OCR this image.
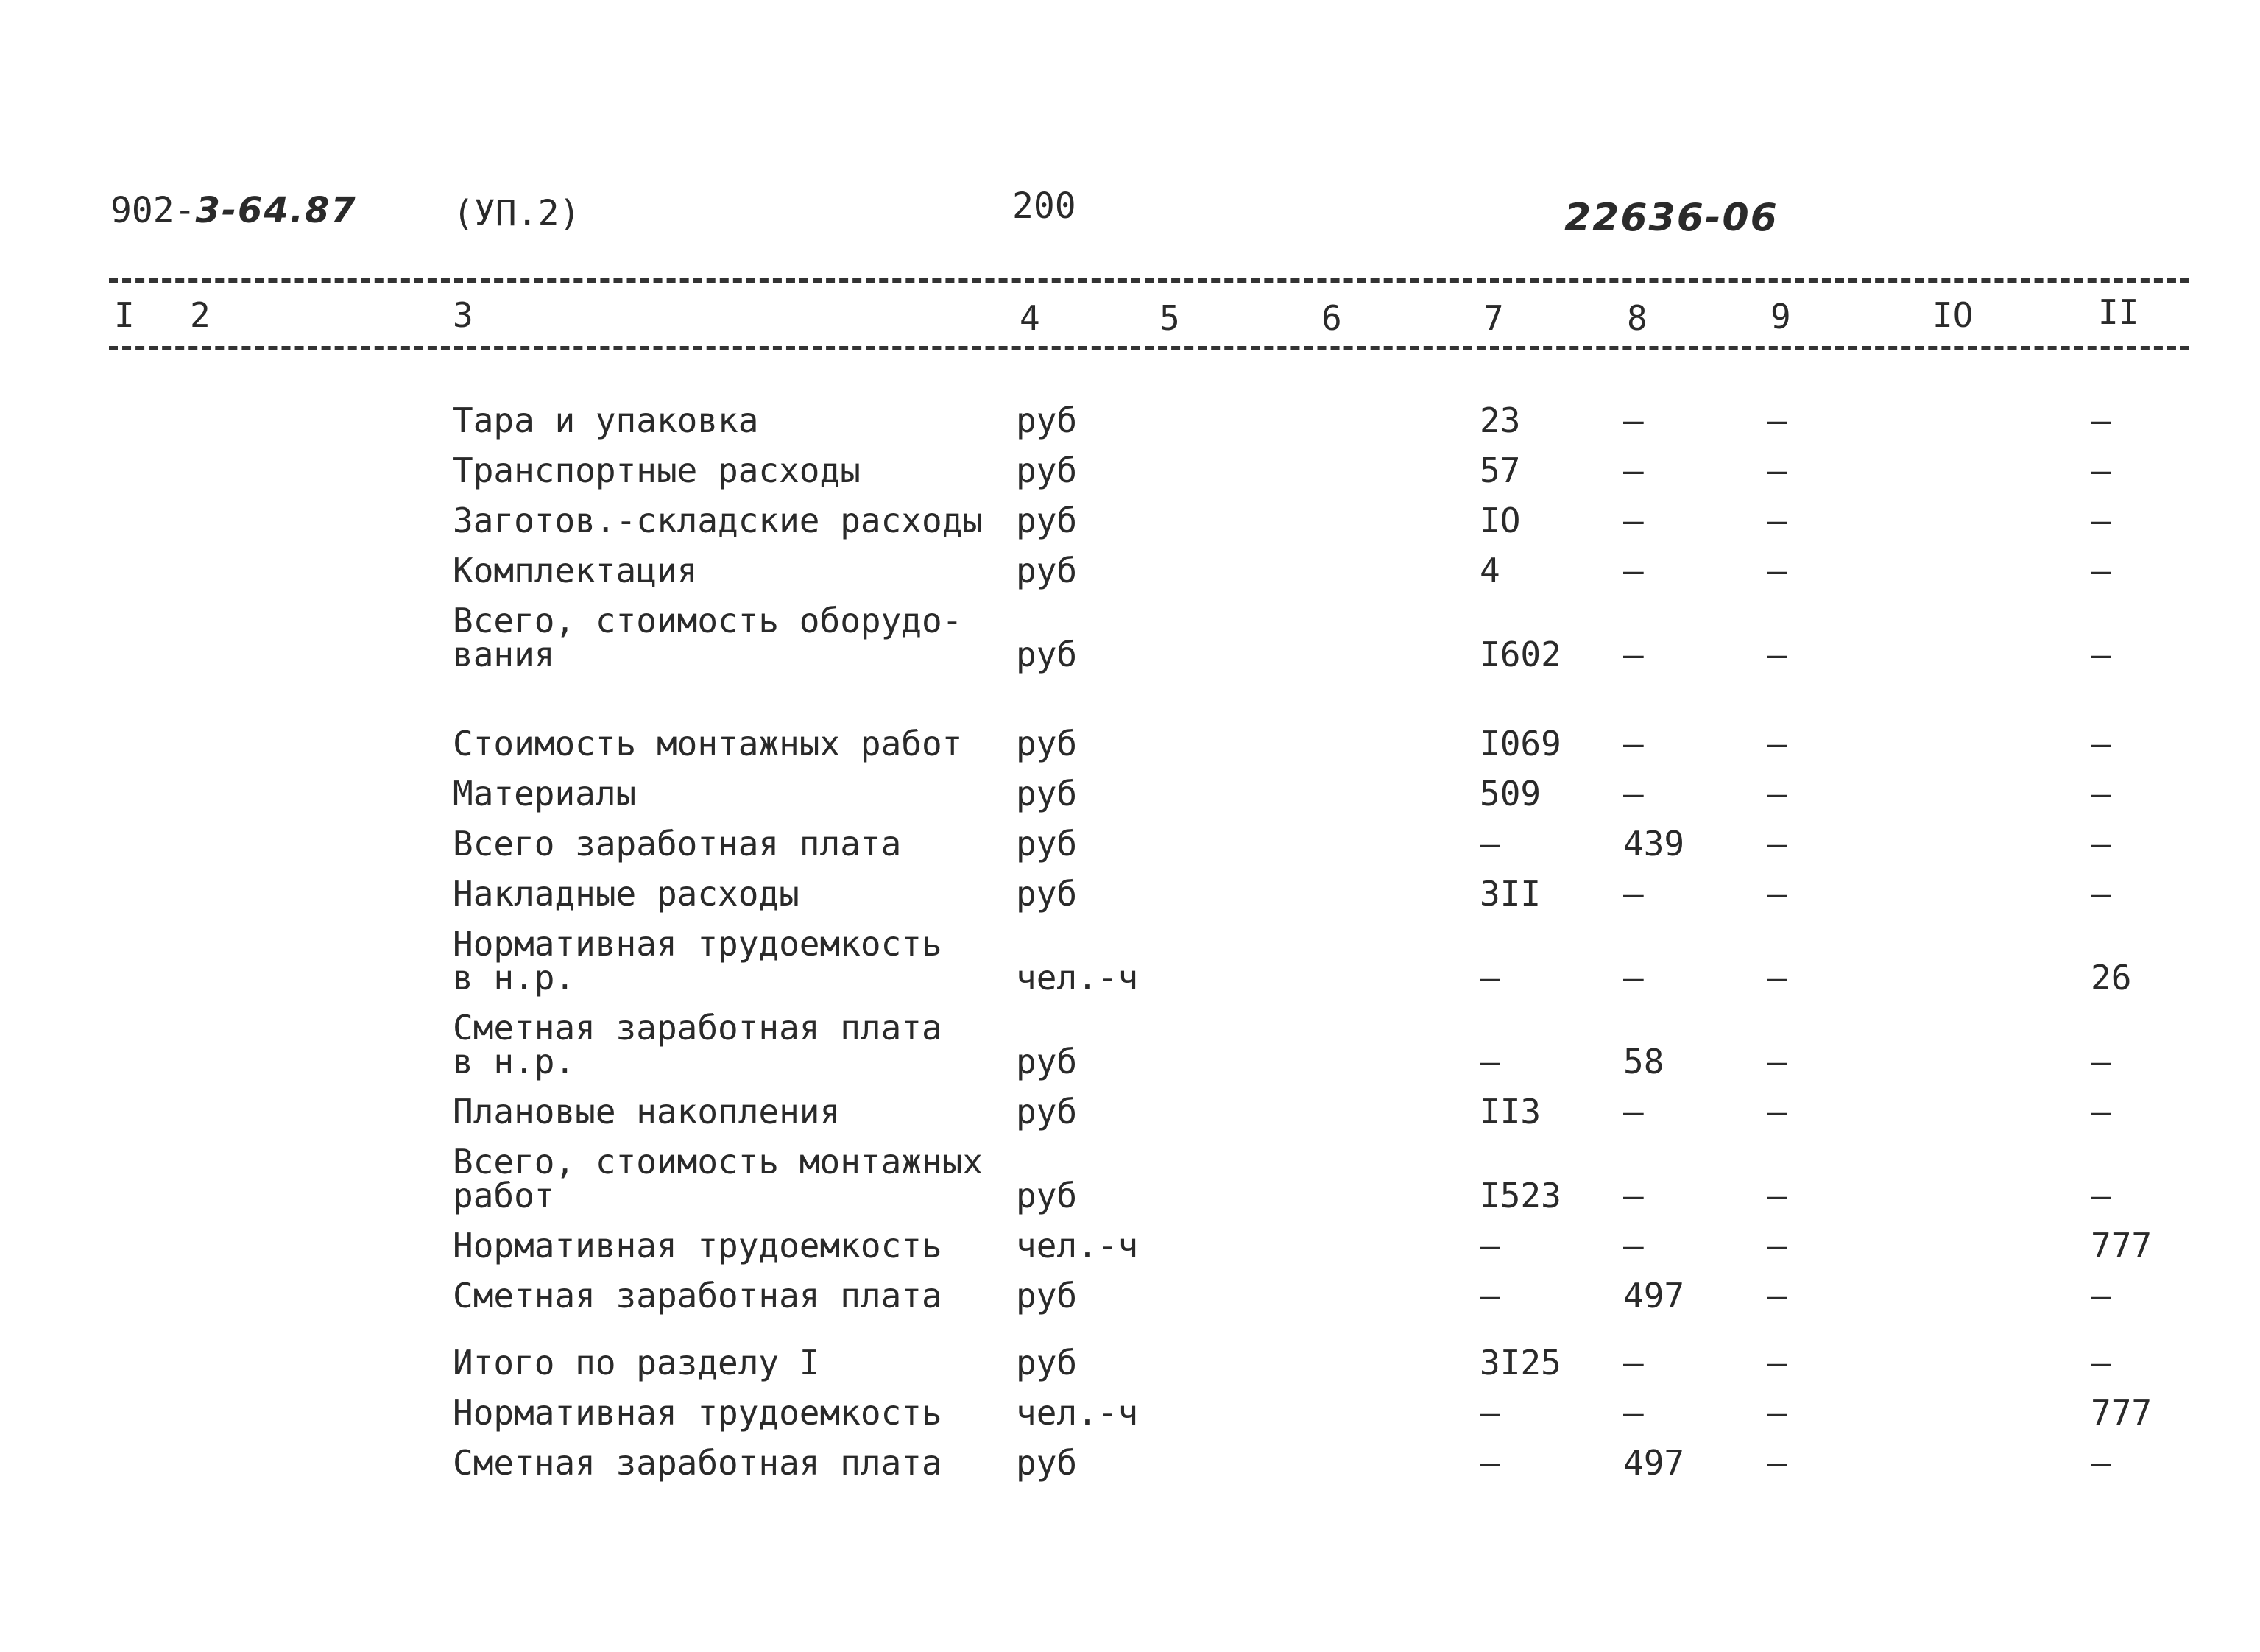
902-3-64.87	(УП.2)	200	22636-06
I 2	3	4	5	6	7	8	9	IO	II
Тара и упаковка	руб	23	–	–	–
Транспортные расходы	руб	57	–	–	–
Заготов.-складские расходы руб	IO	–	–	–
Комплектация	руб	4	–	–	–
Всего, стоимость оборудо-
вания	руб	I602 –	–	–
Стоимость монтажных работ руб	I069 –	–	–
Материалы	руб	509 –	–	–
Всего заработная плата	руб	–	439 –	–
Накладные расходы	руб	3II –	–	–
Нормативная трудоемкость
в н.р.	чел.-ч	–	–	–	26
Сметная заработная плата
в н.р.	руб	–	58	–	–
Плановые накопления	руб	II3 –	–	–
Всего, стоимость монтажных
работ	руб	I523 –	–	–
Нормативная трудоемкость чел.-ч	–	–	–	777
Сметная заработная плата руб	–	497 –	–
Итого по разделу I	руб	3I25 –	–	–
Нормативная трудоемкость чел.-ч	–	–	–	777
Сметная заработная плата руб	–	497 –	–
